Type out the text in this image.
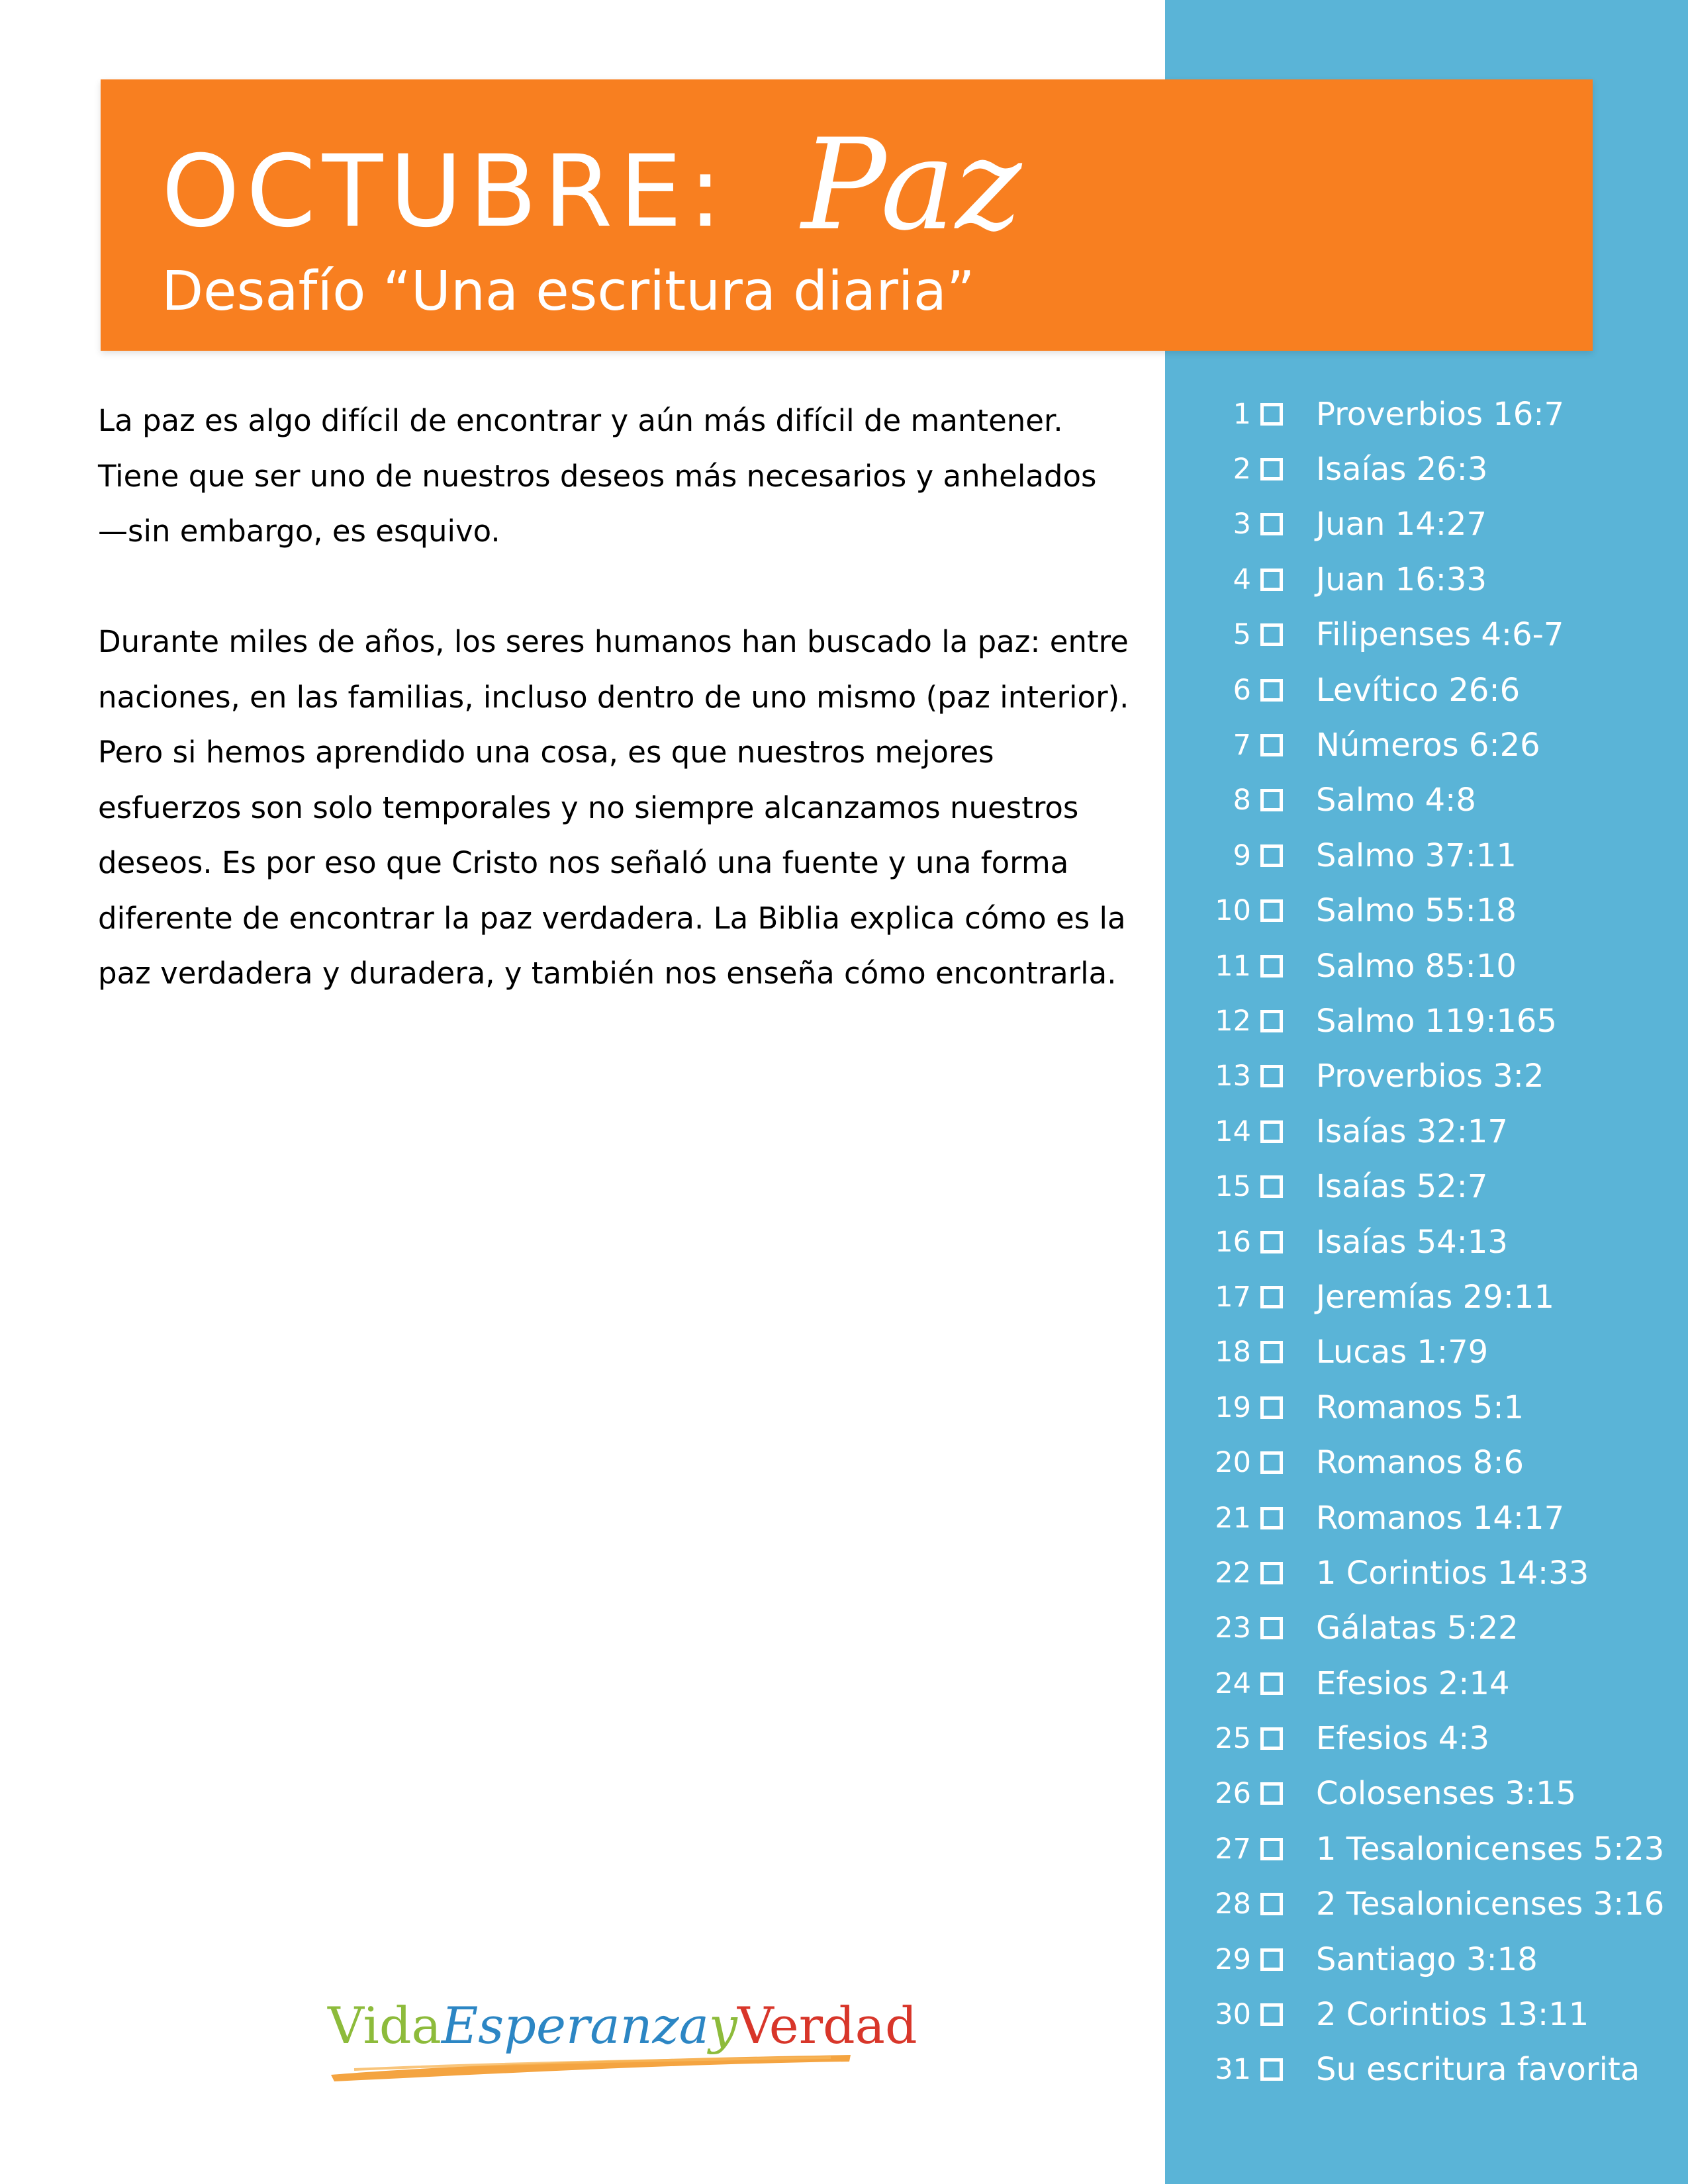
OCTUBRE: Paz
Desafío “Una escritura diaria”

La paz es algo difícil de encontrar y aún más difícil de mantener. Tiene que ser uno de nuestros deseos más necesarios y anhelados —sin embargo, es esquivo.

Durante miles de años, los seres humanos han buscado la paz: entre naciones, en las familias, incluso dentro de uno mismo (paz interior). Pero si hemos aprendido una cosa, es que nuestros mejores esfuerzos son solo temporales y no siempre alcanzamos nuestros deseos. Es por eso que Cristo nos señaló una fuente y una forma diferente de encontrar la paz verdadera. La Biblia explica cómo es la paz verdadera y duradera, y también nos enseña cómo encontrarla.

1 Proverbios 16:7
2 Isaías 26:3
3 Juan 14:27
4 Juan 16:33
5 Filipenses 4:6-7
6 Levítico 26:6
7 Números 6:26
8 Salmo 4:8
9 Salmo 37:11
10 Salmo 55:18
11 Salmo 85:10
12 Salmo 119:165
13 Proverbios 3:2
14 Isaías 32:17
15 Isaías 52:7
16 Isaías 54:13
17 Jeremías 29:11
18 Lucas 1:79
19 Romanos 5:1
20 Romanos 8:6
21 Romanos 14:17
22 1 Corintios 14:33
23 Gálatas 5:22
24 Efesios 2:14
25 Efesios 4:3
26 Colosenses 3:15
27 1 Tesalonicenses 5:23
28 2 Tesalonicenses 3:16
29 Santiago 3:18
30 2 Corintios 13:11
31 Su escritura favorita
VidaEsperanzayVerdad
